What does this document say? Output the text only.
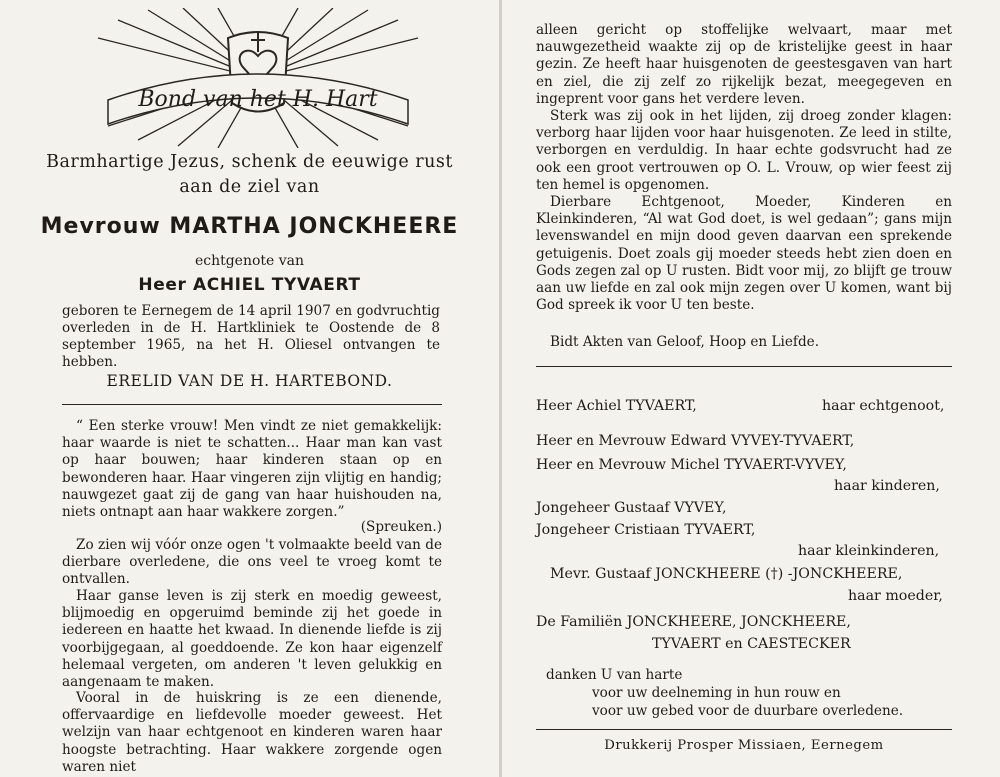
Bond van het H. Hart
Barmhartige Jezus, schenk de eeuwige rust
aan de ziel van
Mevrouw MARTHA JONCKHEERE
echtgenote van
Heer ACHIEL TYVAERT
geboren te Eernegem de 14 april 1907 en godvruchtig overleden in de H. Hartkliniek te Oostende de 8 september 1965, na het H. Oliesel ontvangen te hebben.
ERELID VAN DE H. HARTEBOND.

“ Een sterke vrouw! Men vindt ze niet gemakkelijk: haar waarde is niet te schatten... Haar man kan vast op haar bouwen; haar kinderen staan op en bewonderen haar. Haar vingeren zijn vlijtig en handig; nauwgezet gaat zij de gang van haar huishouden na, niets ontnapt aan haar wakkere zorgen.”

(Spreuken.)

Zo zien wij vóór onze ogen 't volmaakte beeld van de dierbare overledene, die ons veel te vroeg komt te ontvallen.

Haar ganse leven is zij sterk en moedig geweest, blijmoedig en opgeruimd beminde zij het goede in iedereen en haatte het kwaad. In dienende liefde is zij voorbijgegaan, al goeddoende. Ze kon haar eigenzelf helemaal vergeten, om anderen 't leven gelukkig en aangenaam te maken.

Vooral in de huiskring is ze een dienende, offervaardige en liefdevolle moeder geweest. Het welzijn van haar echtgenoot en kinderen waren haar hoogste betrachting. Haar wakkere zorgende ogen waren niet

alleen gericht op stoffelijke welvaart, maar met nauwgezetheid waakte zij op de kristelijke geest in haar gezin. Ze heeft haar huisgenoten de geestesgaven van hart en ziel, die zij zelf zo rijkelijk bezat, meegegeven en ingeprent voor gans het verdere leven.

Sterk was zij ook in het lijden, zij droeg zonder klagen: verborg haar lijden voor haar huisgenoten. Ze leed in stilte, verborgen en verduldig. In haar echte godsvrucht had ze ook een groot vertrouwen op O. L. Vrouw, op wier feest zij ten hemel is opgenomen.

Dierbare Echtgenoot, Moeder, Kinderen en Kleinkinderen, “Al wat God doet, is wel gedaan”; gans mijn levenswandel en mijn dood geven daarvan een sprekende getuigenis. Doet zoals gij moeder steeds hebt zien doen en Gods zegen zal op U rusten. Bidt voor mij, zo blijft ge trouw aan uw liefde en zal ook mijn zegen over U komen, want bij God spreek ik voor U ten beste.

Bidt Akten van Geloof, Hoop en Liefde.
Heer Achiel TYVAERT,	haar echtgenoot,
Heer en Mevrouw Edward VYVEY-TYVAERT,
Heer en Mevrouw Michel TYVAERT-VYVEY,
haar kinderen,
Jongeheer Gustaaf VYVEY,
Jongeheer Cristiaan TYVAERT,
haar kleinkinderen,
Mevr. Gustaaf JONCKHEERE (†) -JONCKHEERE,
haar moeder,
De Familiën JONCKHEERE, JONCKHEERE,
TYVAERT en CAESTECKER
danken U van harte
voor uw deelneming in hun rouw en
voor uw gebed voor de duurbare overledene.
Drukkerij Prosper Missiaen, Eernegem
